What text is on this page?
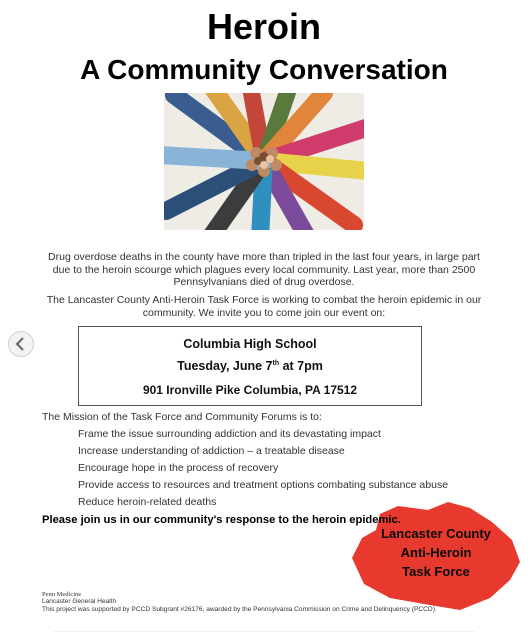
Heroin
A Community Conversation
Drug overdose deaths in the county have more than tripled in the last four years, in large part due to the heroin scourge which plagues every local community. Last year, more than 2500 Pennsylvanians died of drug overdose.
The Lancaster County Anti-Heroin Task Force is working to combat the heroin epidemic in our community. We invite you to come join our event on:
Columbia High School
Tuesday, June 7th at 7pm
901 Ironville Pike Columbia, PA 17512
The Mission of the Task Force and Community Forums is to:
Frame the issue surrounding addiction and its devastating impact
Increase understanding of addiction – a treatable disease
Encourage hope in the process of recovery
Provide access to resources and treatment options combating substance abuse
Reduce heroin-related deaths
Please join us in our community's response to the heroin epidemic.
Lancaster County
Anti-Heroin
Task Force
Penn Medicine
Lancaster General Health
This project was supported by PCCD Subgrant #26176, awarded by the Pennsylvania Commission on Crime and Delinquency (PCCD).
